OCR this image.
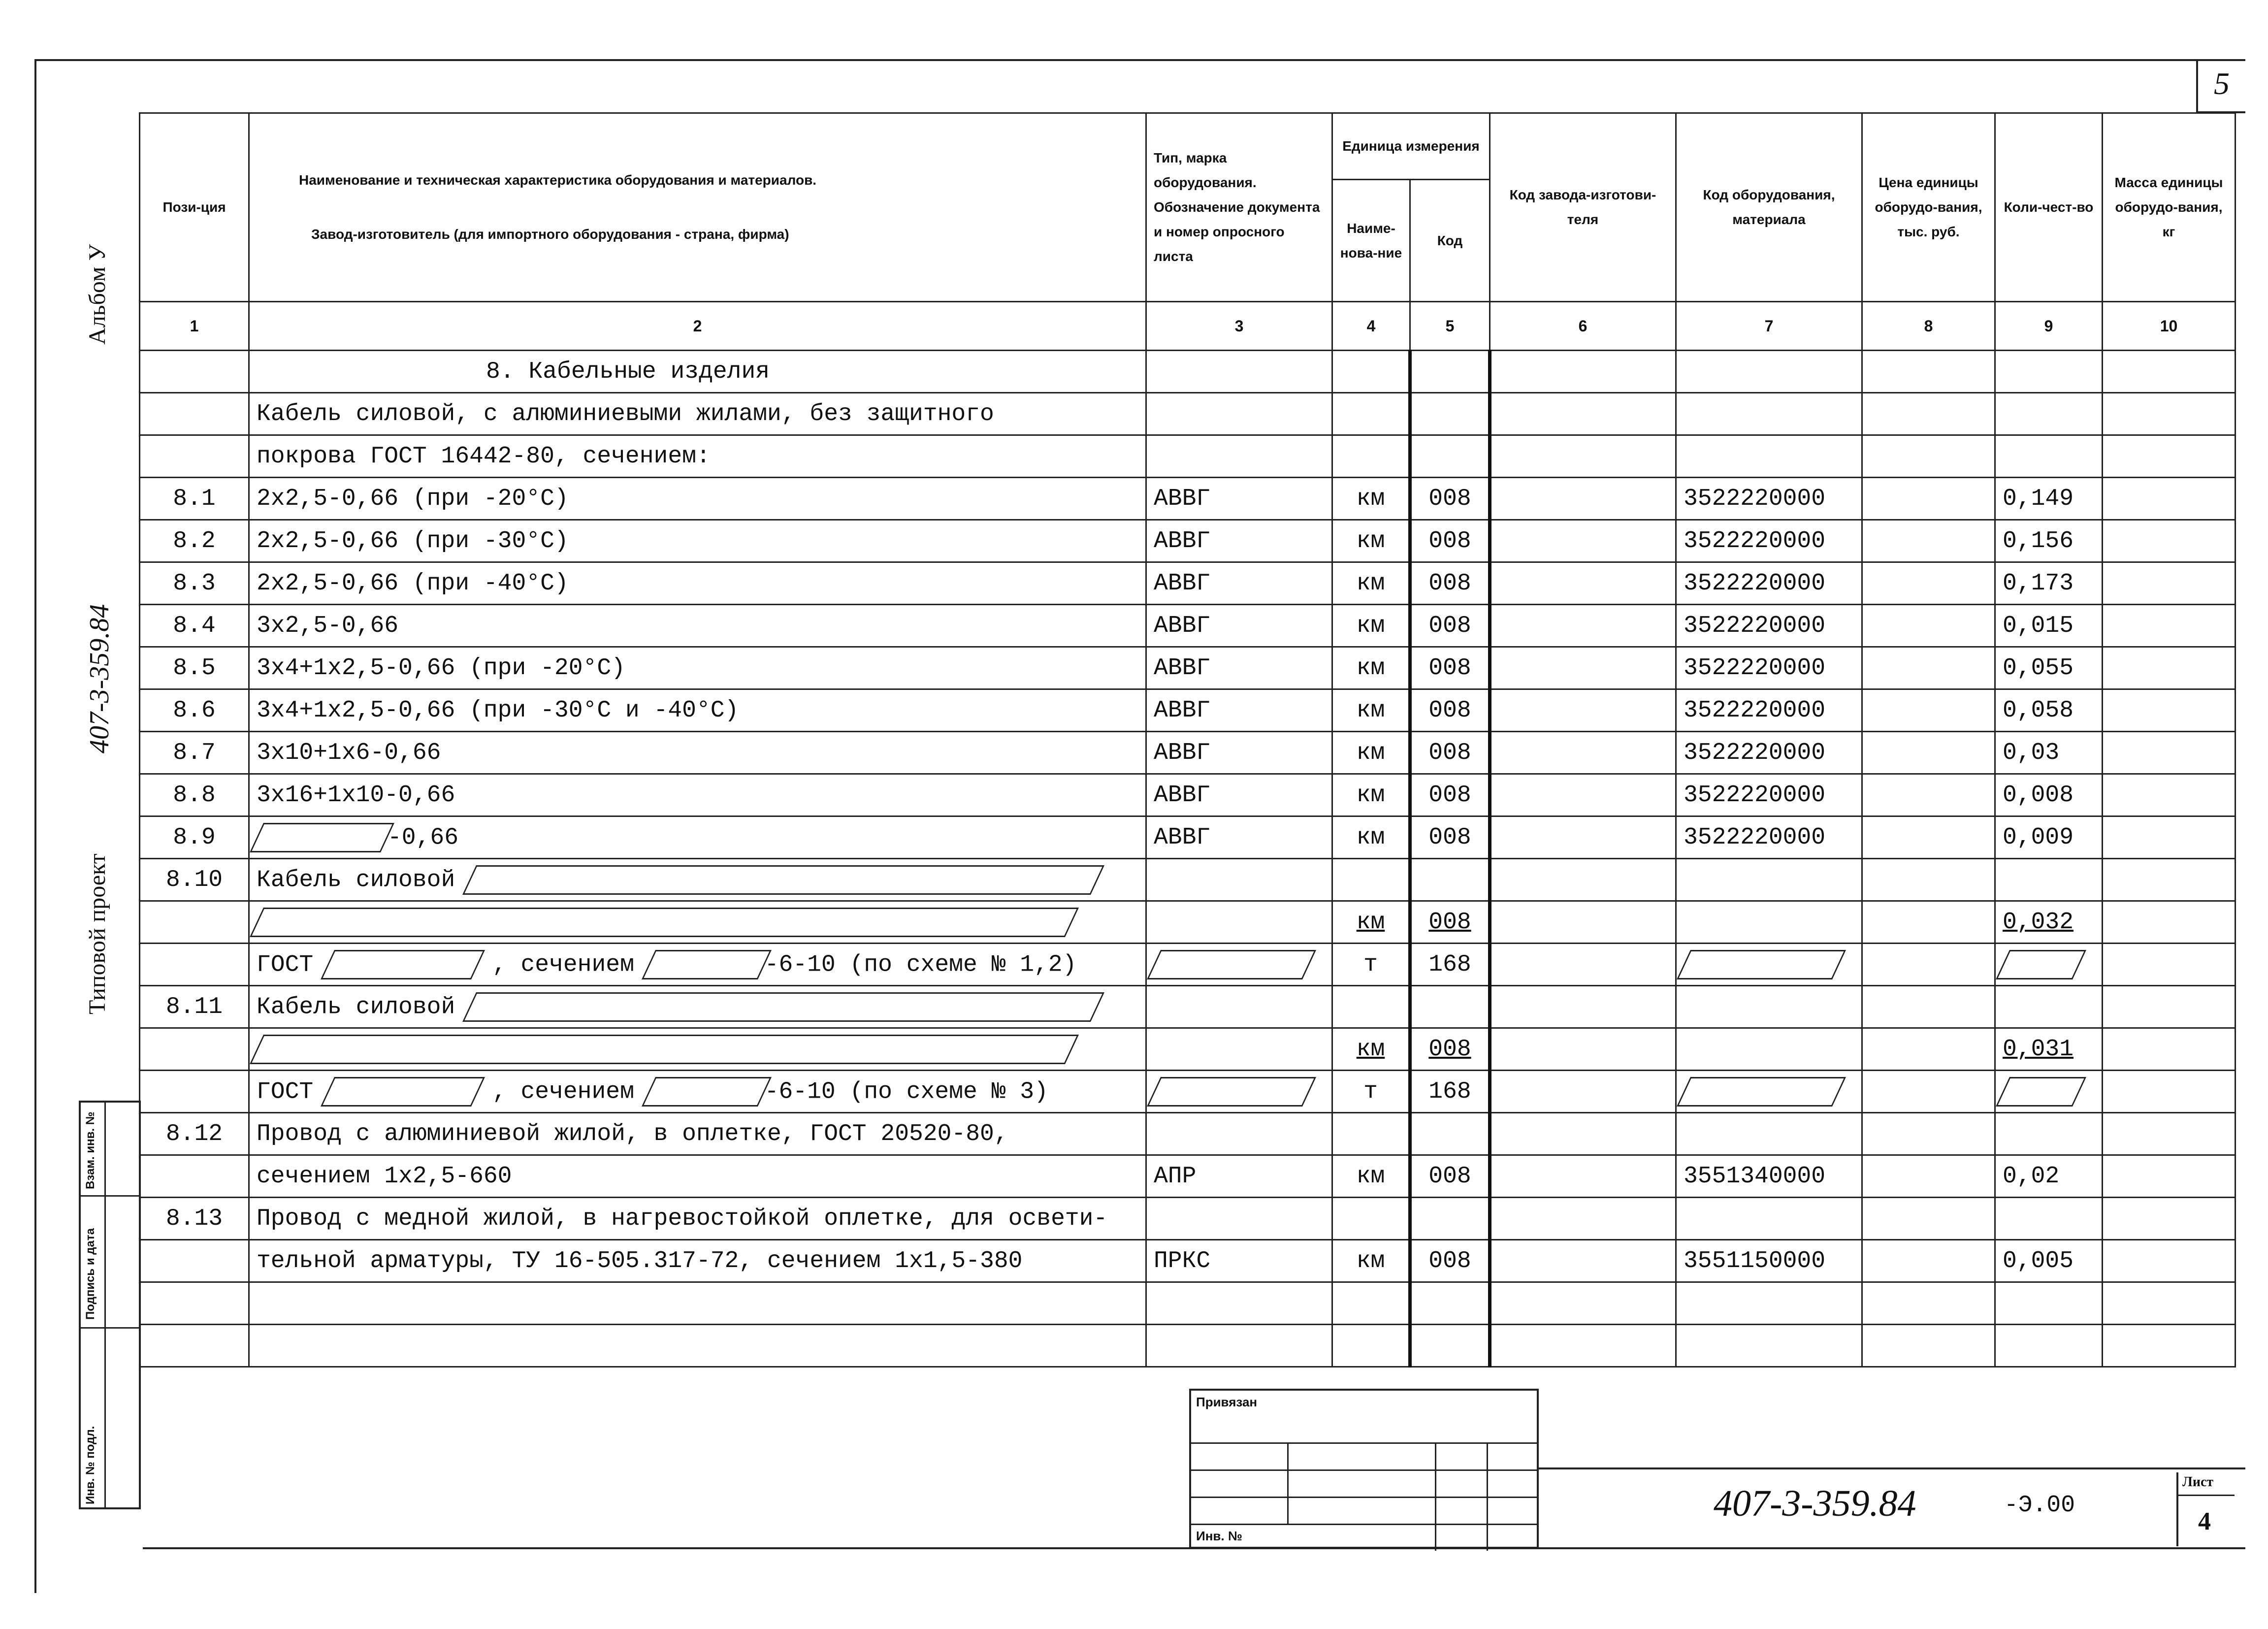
5
Альбом У
407-3-359.84
Типовой проект
Взам. инв. №
Подпись и дата
Инв. № подл.
Пози-ция	Наименование и техническая характеристика оборудования и материалов.
Завод-изготовитель (для импортного оборудования - страна, фирма)	Тип, марка оборудования. Обозначение документа и номер опросного листа	Единица измерения		Код завода-изготови-теля	Код оборудования, материала	Цена единицы оборудо-вания, тыс. руб.	Коли-чест-во	Масса единицы оборудо-вания, кг
			Наиме-нова-ние	Код					
1	2	3	4	5	6	7	8	9	10
	8. Кабельные изделия								
	Кабель силовой, с алюминиевыми жилами, без защитного								
	покрова ГОСТ 16442-80, сечением:								
8.1	2х2,5-0,66 (при -20°С)	АВВГ	км	008		3522220000		0,149	
8.2	2х2,5-0,66 (при -30°С)	АВВГ	км	008		3522220000		0,156	
8.3	2х2,5-0,66 (при -40°С)	АВВГ	км	008		3522220000		0,173	
8.4	3х2,5-0,66	АВВГ	км	008		3522220000		0,015	
8.5	3х4+1х2,5-0,66 (при -20°С)	АВВГ	км	008		3522220000		0,055	
8.6	3х4+1х2,5-0,66 (при -30°С и -40°С)	АВВГ	км	008		3522220000		0,058	
8.7	3х10+1х6-0,66	АВВГ	км	008		3522220000		0,03	
8.8	3х16+1х10-0,66	АВВГ	км	008		3522220000		0,008	
8.9	-0,66	АВВГ	км	008		3522220000		0,009	
8.10	Кабель силовой								
			км	008				0,032	
	ГОСТ , сечением -6-10 (по схеме № 1,2)		т	168					
8.11	Кабель силовой								
			км	008				0,031	
	ГОСТ , сечением -6-10 (по схеме № 3)		т	168					
8.12	Провод с алюминиевой жилой, в оплетке, ГОСТ 20520-80,								
	сечением 1х2,5-660	АПР	км	008		3551340000		0,02	
8.13	Провод с медной жилой, в нагревостойкой оплетке, для освети-								
	тельной арматуры, ТУ 16-505.317-72, сечением 1х1,5-380	ПРКС	км	008		3551150000		0,005	

Привязан
Инв. №
407-3-359.84	-Э.00
Лист
4
